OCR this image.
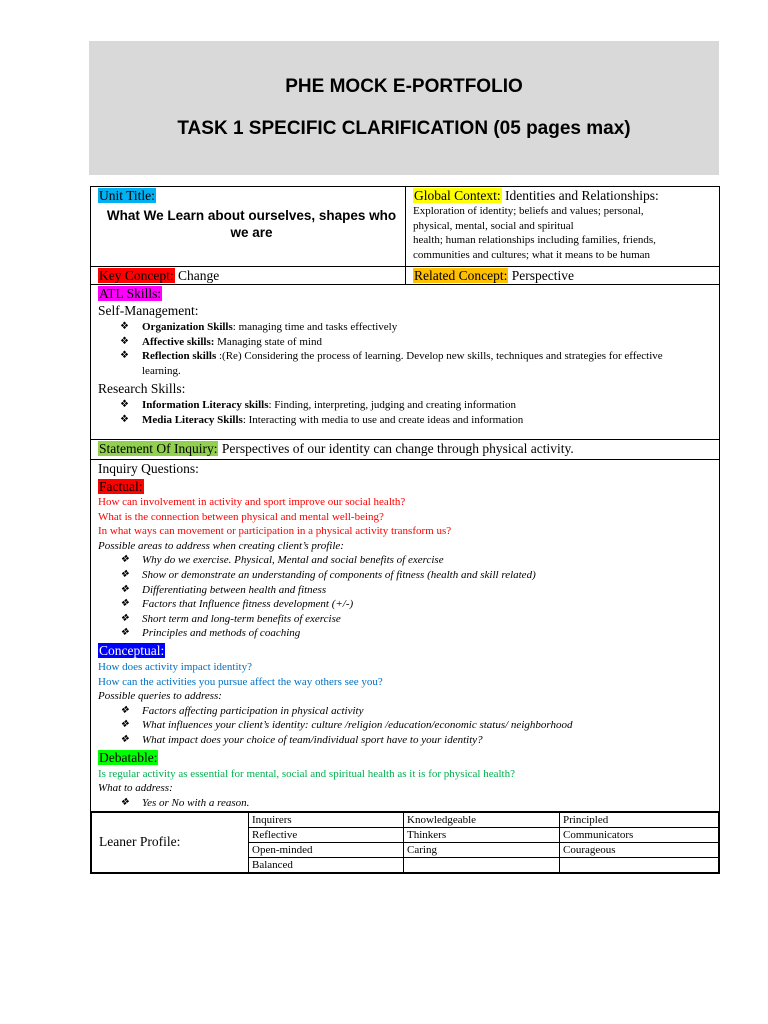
PHE MOCK E-PORTFOLIO
TASK 1 SPECIFIC CLARIFICATION (05 pages max)
Unit Title:
What We Learn about ourselves, shapes who we are

Global Context: Identities and Relationships:
Exploration of identity; beliefs and values; personal,
physical, mental, social and spiritual
health; human relationships including families, friends,
communities and cultures; what it means to be human

Key Concept: Change	Related Concept: Perspective

ATL Skills:
Self-Management:
❖ Organization Skills: managing time and tasks effectively
❖ Affective skills: Managing state of mind
❖ Reflection skills :(Re) Considering the process of learning. Develop new skills, techniques and strategies for effective learning.
Research Skills:
❖ Information Literacy skills: Finding, interpreting, judging and creating information
❖ Media Literacy Skills: Interacting with media to use and create ideas and information

Statement Of Inquiry: Perspectives of our identity can change through physical activity.

Inquiry Questions:
Factual:
How can involvement in activity and sport improve our social health?
What is the connection between physical and mental well-being?
In what ways can movement or participation in a physical activity transform us?
Possible areas to address when creating client’s profile:
❖ Why do we exercise. Physical, Mental and social benefits of exercise
❖ Show or demonstrate an understanding of components of fitness (health and skill related)
❖ Differentiating between health and fitness
❖ Factors that Influence fitness development (+/-)
❖ Short term and long-term benefits of exercise
❖ Principles and methods of coaching
Conceptual:
How does activity impact identity?
How can the activities you pursue affect the way others see you?
Possible queries to address:
❖ Factors affecting participation in physical activity
❖ What influences your client’s identity: culture /religion /education/economic status/ neighborhood
❖ What impact does your choice of team/individual sport have to your identity?
Debatable:
Is regular activity as essential for mental, social and spiritual health as it is for physical health?
What to address:
❖ Yes or No with a reason.

Leaner Profile:	Inquirers	Knowledgeable	Principled
Reflective	Thinkers	Communicators
Open-minded	Caring	Courageous
Balanced		
